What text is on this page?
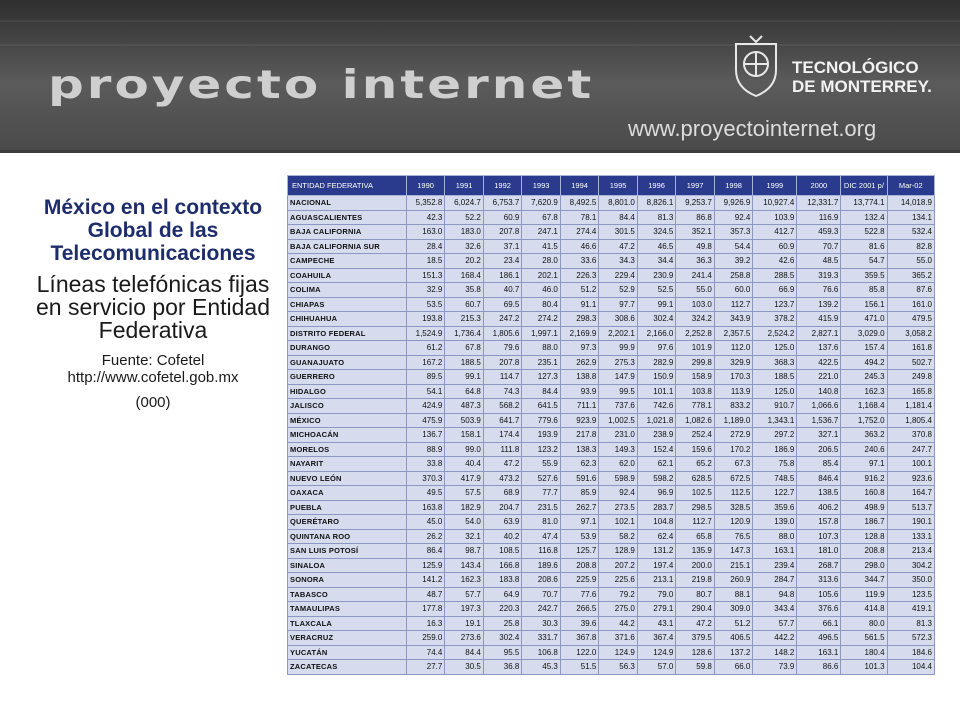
proyecto internet	TECNOLÓGICO
DE MONTERREY.
www.proyectointernet.org
México en el contexto Global de las Telecomunicaciones
Líneas telefónicas fijas en servicio por Entidad Federativa
Fuente: Cofetel
http://www.cofetel.gob.mx
(000)
ENTIDAD FEDERATIVA	1990	1991	1992	1993	1994	1995	1996	1997	1998	1999	2000	DIC 2001 p/	Mar-02
NACIONAL	5,352.8	6,024.7	6,753.7	7,620.9	8,492.5	8,801.0	8,826.1	9,253.7	9,926.9	10,927.4	12,331.7	13,774.1	14,018.9
AGUASCALIENTES	42.3	52.2	60.9	67.8	78.1	84.4	81.3	86.8	92.4	103.9	116.9	132.4	134.1
BAJA CALIFORNIA	163.0	183.0	207.8	247.1	274.4	301.5	324.5	352.1	357.3	412.7	459.3	522.8	532.4
BAJA CALIFORNIA SUR	28.4	32.6	37.1	41.5	46.6	47.2	46.5	49.8	54.4	60.9	70.7	81.6	82.8
CAMPECHE	18.5	20.2	23.4	28.0	33.6	34.3	34.4	36.3	39.2	42.6	48.5	54.7	55.0
COAHUILA	151.3	168.4	186.1	202.1	226.3	229.4	230.9	241.4	258.8	288.5	319.3	359.5	365.2
COLIMA	32.9	35.8	40.7	46.0	51.2	52.9	52.5	55.0	60.0	66.9	76.6	85.8	87.6
CHIAPAS	53.5	60.7	69.5	80.4	91.1	97.7	99.1	103.0	112.7	123.7	139.2	156.1	161.0
CHIHUAHUA	193.8	215.3	247.2	274.2	298.3	308.6	302.4	324.2	343.9	378.2	415.9	471.0	479.5
DISTRITO FEDERAL	1,524.9	1,736.4	1,805.6	1,997.1	2,169.9	2,202.1	2,166.0	2,252.8	2,357.5	2,524.2	2,827.1	3,029.0	3,058.2
DURANGO	61.2	67.8	79.6	88.0	97.3	99.9	97.6	101.9	112.0	125.0	137.6	157.4	161.8
GUANAJUATO	167.2	188.5	207.8	235.1	262.9	275.3	282.9	299.8	329.9	368.3	422.5	494.2	502.7
GUERRERO	89.5	99.1	114.7	127.3	138.8	147.9	150.9	158.9	170.3	188.5	221.0	245.3	249.8
HIDALGO	54.1	64.8	74.3	84.4	93.9	99.5	101.1	103.8	113.9	125.0	140.8	162.3	165.8
JALISCO	424.9	487.3	568.2	641.5	711.1	737.6	742.6	778.1	833.2	910.7	1,066.6	1,168.4	1,181.4
MÉXICO	475.9	503.9	641.7	779.6	923.9	1,002.5	1,021.8	1,082.6	1,189.0	1,343.1	1,536.7	1,752.0	1,805.4
MICHOACÁN	136.7	158.1	174.4	193.9	217.8	231.0	238.9	252.4	272.9	297.2	327.1	363.2	370.8
MORELOS	88.9	99.0	111.8	123.2	138.3	149.3	152.4	159.6	170.2	186.9	206.5	240.6	247.7
NAYARIT	33.8	40.4	47.2	55.9	62.3	62.0	62.1	65.2	67.3	75.8	85.4	97.1	100.1
NUEVO LEÓN	370.3	417.9	473.2	527.6	591.6	598.9	598.2	628.5	672.5	748.5	846.4	916.2	923.6
OAXACA	49.5	57.5	68.9	77.7	85.9	92.4	96.9	102.5	112.5	122.7	138.5	160.8	164.7
PUEBLA	163.8	182.9	204.7	231.5	262.7	273.5	283.7	298.5	328.5	359.6	406.2	498.9	513.7
QUERÉTARO	45.0	54.0	63.9	81.0	97.1	102.1	104.8	112.7	120.9	139.0	157.8	186.7	190.1
QUINTANA ROO	26.2	32.1	40.2	47.4	53.9	58.2	62.4	65.8	76.5	88.0	107.3	128.8	133.1
SAN LUIS POTOSÍ	86.4	98.7	108.5	116.8	125.7	128.9	131.2	135.9	147.3	163.1	181.0	208.8	213.4
SINALOA	125.9	143.4	166.8	189.6	208.8	207.2	197.4	200.0	215.1	239.4	268.7	298.0	304.2
SONORA	141.2	162.3	183.8	208.6	225.9	225.6	213.1	219.8	260.9	284.7	313.6	344.7	350.0
TABASCO	48.7	57.7	64.9	70.7	77.6	79.2	79.0	80.7	88.1	94.8	105.6	119.9	123.5
TAMAULIPAS	177.8	197.3	220.3	242.7	266.5	275.0	279.1	290.4	309.0	343.4	376.6	414.8	419.1
TLAXCALA	16.3	19.1	25.8	30.3	39.6	44.2	43.1	47.2	51.2	57.7	66.1	80.0	81.3
VERACRUZ	259.0	273.6	302.4	331.7	367.8	371.6	367.4	379.5	406.5	442.2	496.5	561.5	572.3
YUCATÁN	74.4	84.4	95.5	106.8	122.0	124.9	124.9	128.6	137.2	148.2	163.1	180.4	184.6
ZACATECAS	27.7	30.5	36.8	45.3	51.5	56.3	57.0	59.8	66.0	73.9	86.6	101.3	104.4
